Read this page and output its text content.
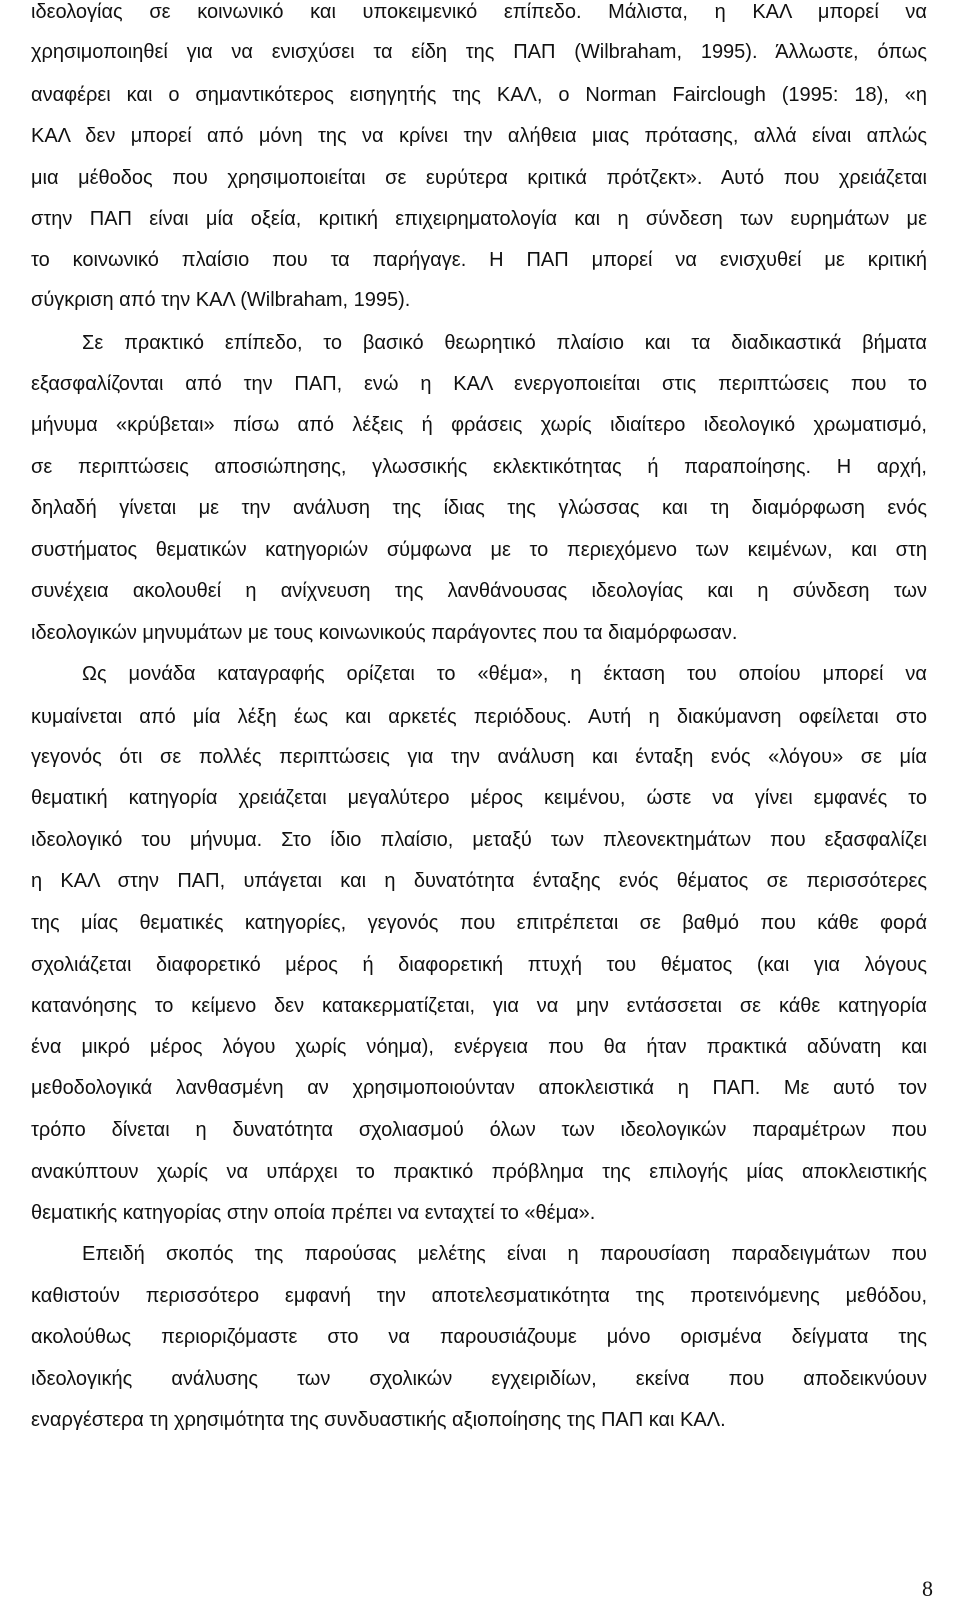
ιδεολογίας σε κοινωνικό και υποκειμενικό επίπεδο. Μάλιστα, η ΚΑΛ μπορεί να
χρησιμοποιηθεί για να ενισχύσει τα είδη της ΠΑΠ (Wilbraham, 1995). Άλλωστε, όπως
αναφέρει και ο σημαντικότερος εισηγητής της ΚΑΛ, ο Norman Fairclough (1995: 18), «η
ΚΑΛ δεν μπορεί από μόνη της να κρίνει την αλήθεια μιας πρότασης, αλλά είναι απλώς
μια μέθοδος που χρησιμοποιείται σε ευρύτερα κριτικά πρότζεκτ». Αυτό που χρειάζεται
στην ΠΑΠ είναι μία οξεία, κριτική επιχειρηματολογία και η σύνδεση των ευρημάτων με
το κοινωνικό πλαίσιο που τα παρήγαγε. Η ΠΑΠ μπορεί να ενισχυθεί με κριτική
σύγκριση από την ΚΑΛ (Wilbraham, 1995).
Σε πρακτικό επίπεδο, το βασικό θεωρητικό πλαίσιο και τα διαδικαστικά βήματα
εξασφαλίζονται από την ΠΑΠ, ενώ η ΚΑΛ ενεργοποιείται στις περιπτώσεις που το
μήνυμα «κρύβεται» πίσω από λέξεις ή φράσεις χωρίς ιδιαίτερο ιδεολογικό χρωματισμό,
σε περιπτώσεις αποσιώπησης, γλωσσικής εκλεκτικότητας ή παραποίησης. Η αρχή,
δηλαδή γίνεται με την ανάλυση της ίδιας της γλώσσας και τη διαμόρφωση ενός
συστήματος θεματικών κατηγοριών σύμφωνα με το περιεχόμενο των κειμένων, και στη
συνέχεια ακολουθεί η ανίχνευση της λανθάνουσας ιδεολογίας και η σύνδεση των
ιδεολογικών μηνυμάτων με τους κοινωνικούς παράγοντες που τα διαμόρφωσαν.
Ως μονάδα καταγραφής ορίζεται το «θέμα», η έκταση του οποίου μπορεί να
κυμαίνεται από μία λέξη έως και αρκετές περιόδους. Αυτή η διακύμανση οφείλεται στο
γεγονός ότι σε πολλές περιπτώσεις για την ανάλυση και ένταξη ενός «λόγου» σε μία
θεματική κατηγορία χρειάζεται μεγαλύτερο μέρος κειμένου, ώστε να γίνει εμφανές το
ιδεολογικό του μήνυμα. Στο ίδιο πλαίσιο, μεταξύ των πλεονεκτημάτων που εξασφαλίζει
η ΚΑΛ στην ΠΑΠ, υπάγεται και η δυνατότητα ένταξης ενός θέματος σε περισσότερες
της μίας θεματικές κατηγορίες, γεγονός που επιτρέπεται σε βαθμό που κάθε φορά
σχολιάζεται διαφορετικό μέρος ή διαφορετική πτυχή του θέματος (και για λόγους
κατανόησης το κείμενο δεν κατακερματίζεται, για να μην εντάσσεται σε κάθε κατηγορία
ένα μικρό μέρος λόγου χωρίς νόημα), ενέργεια που θα ήταν πρακτικά αδύνατη και
μεθοδολογικά λανθασμένη αν χρησιμοποιούνταν αποκλειστικά η ΠΑΠ. Με αυτό τον
τρόπο δίνεται η δυνατότητα σχολιασμού όλων των ιδεολογικών παραμέτρων που
ανακύπτουν χωρίς να υπάρχει το πρακτικό πρόβλημα της επιλογής μίας αποκλειστικής
θεματικής κατηγορίας στην οποία πρέπει να ενταχτεί το «θέμα».
Επειδή σκοπός της παρούσας μελέτης είναι η παρουσίαση παραδειγμάτων που
καθιστούν περισσότερο εμφανή την αποτελεσματικότητα της προτεινόμενης μεθόδου,
ακολούθως περιοριζόμαστε στο να παρουσιάζουμε μόνο ορισμένα δείγματα της
ιδεολογικής ανάλυσης των σχολικών εγχειριδίων, εκείνα που αποδεικνύουν
εναργέστερα τη χρησιμότητα της συνδυαστικής αξιοποίησης της ΠΑΠ και ΚΑΛ.
8
